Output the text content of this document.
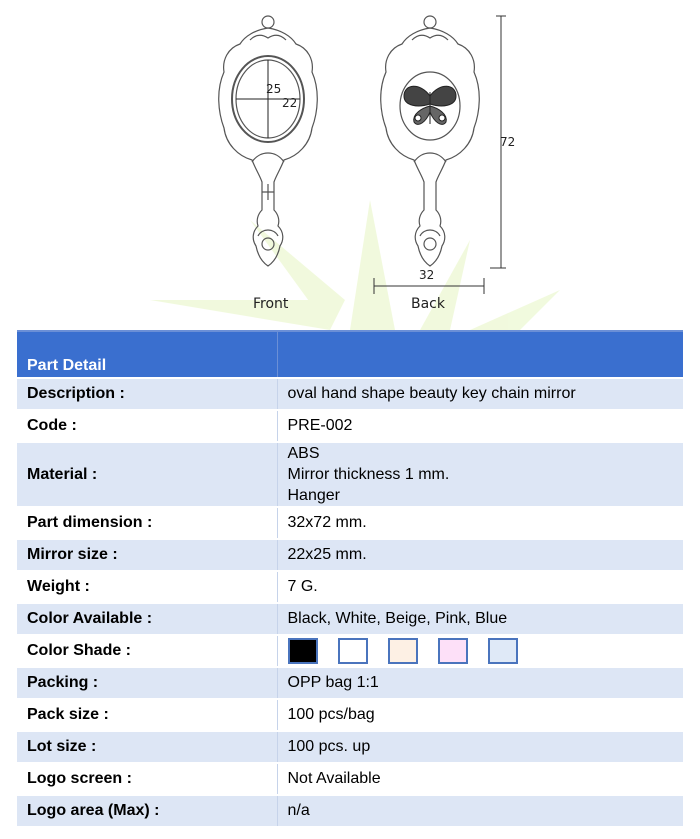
25
22
72
32
Front	Back
Part Detail	
Description :	oval hand shape beauty key chain mirror
Code :	PRE-002
Material :	ABS
Mirror thickness 1 mm.
Hanger

Part dimension :	32x72 mm.
Mirror size :	22x25 mm.
Weight :	7 G.
Color Available :	Black, White, Beige, Pink, Blue
Color Shade :	
Packing :	OPP bag 1:1
Pack size :	100 pcs/bag
Lot size :	100 pcs. up
Logo screen :	Not Available
Logo area (Max) :	n/a
